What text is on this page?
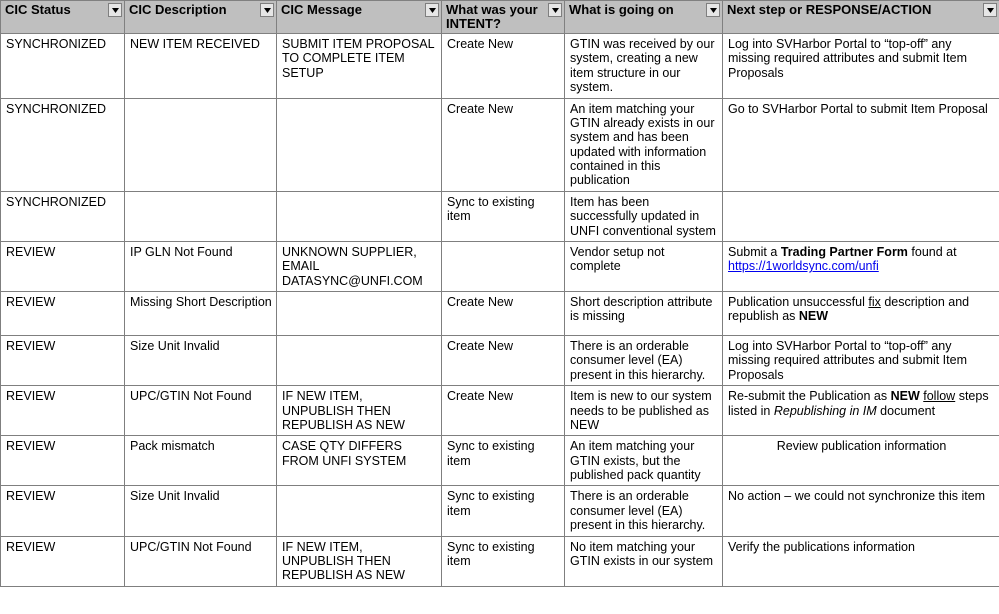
CIC Status	CIC Description	CIC Message	What was your INTENT?	What is going on	Next step or RESPONSE/ACTION

SYNCHRONIZED	NEW ITEM RECEIVED	SUBMIT ITEM PROPOSAL TO COMPLETE ITEM SETUP	Create New	GTIN was received by our system, creating a new item structure in our system.	Log into SVHarbor Portal to “top-off” any missing required attributes and submit Item Proposals
SYNCHRONIZED			Create New	An item matching your GTIN already exists in our system and has been updated with information contained in this publication	Go to SVHarbor Portal to submit Item Proposal
SYNCHRONIZED			Sync to existing item	Item has been successfully updated in UNFI conventional system	
REVIEW	IP GLN Not Found	UNKNOWN SUPPLIER, EMAIL DATASYNC@UNFI.COM		Vendor setup not complete	Submit a Trading Partner Form found at https://1worldsync.com/unfi
REVIEW	Missing Short Description		Create New	Short description attribute is missing	Publication unsuccessful fix description and republish as NEW
REVIEW	Size Unit Invalid		Create New	There is an orderable consumer level (EA) present in this hierarchy.	Log into SVHarbor Portal to “top-off” any missing required attributes and submit Item Proposals
REVIEW	UPC/GTIN Not Found	IF NEW ITEM, UNPUBLISH THEN REPUBLISH AS NEW	Create New	Item is new to our system needs to be published as NEW	Re-submit the Publication as NEW follow steps listed in Republishing in IM document
REVIEW	Pack mismatch	CASE QTY DIFFERS FROM UNFI SYSTEM	Sync to existing item	An item matching your GTIN exists, but the published pack quantity	Review publication information
REVIEW	Size Unit Invalid		Sync to existing item	There is an orderable consumer level (EA) present in this hierarchy.	No action – we could not synchronize this item
REVIEW	UPC/GTIN Not Found	IF NEW ITEM, UNPUBLISH THEN REPUBLISH AS NEW	Sync to existing item	No item matching your GTIN exists in our system	Verify the publications information
